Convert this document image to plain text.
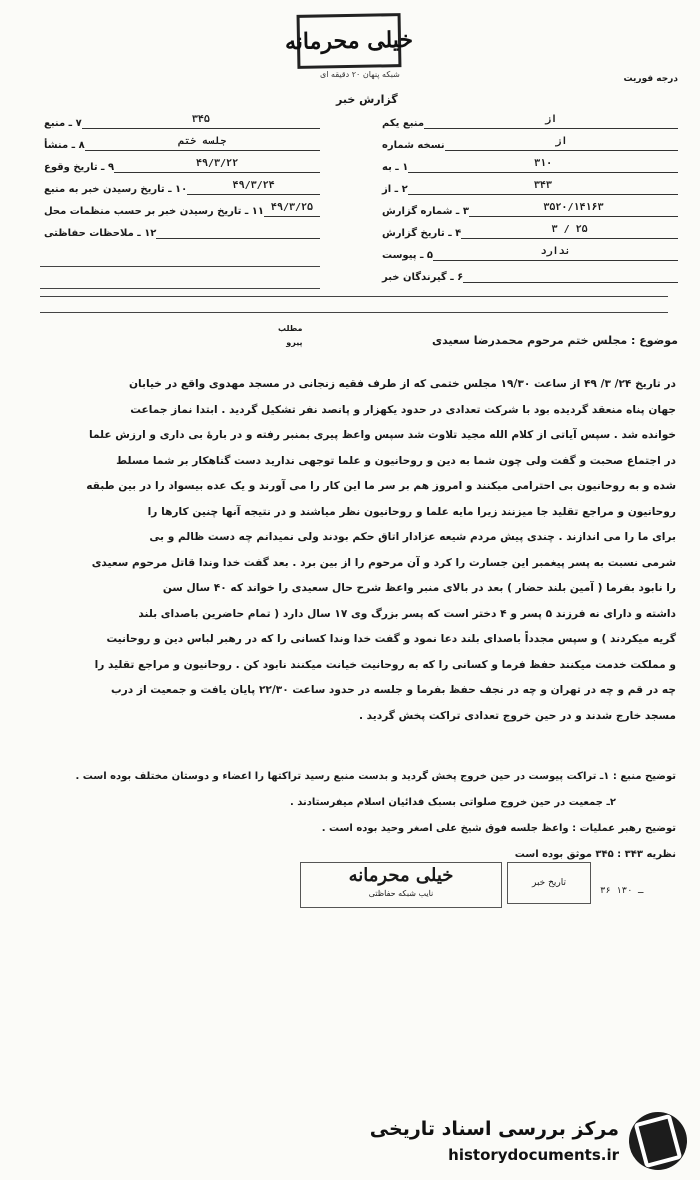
خیلی محرمانه
شبکه پنهان ۲۰ دقیقه ای
گزارش خبر
درجه فوریت
منبع یکم	از
نسخه شماره	از
۱ ـ به	۳۱۰
۲ ـ از	۳۴۳
۳ ـ شماره گزارش	۳۵۲۰/۱۴۱۶۳
۴ ـ تاریخ گزارش	۲۵ / ۳
۵ ـ پیوست	ندارد
۶ ـ گیرندگان خبر
۷ ـ منبع	۳۴۵
۸ ـ منشأ	جلسه ختم
۹ ـ تاریخ وقوع	۴۹/۳/۲۲
۱۰ ـ تاریخ رسیدن خبر به منبع	۴۹/۳/۲۴
۱۱ ـ تاریخ رسیدن خبر بر حسب منظمات محل ۴۹/۳/۲۵
۱۲ ـ ملاحظات حفاظتی
موضوع : مجلس ختم مرحوم محمدرضا سعیدی
مطلب
پیرو

در تاریخ ۲۴/ ۳/ ۴۹ از ساعت ۱۹/۳۰ مجلس ختمی که از طرف فقیه زنجانی در مسجد مهدوی واقع در خیابان

جهان پناه منعقد گردیده بود با شرکت تعدادی در حدود یکهزار و پانصد نفر تشکیل گردید . ابتدا نماز جماعت

خوانده شد . سپس آیاتی از کلام الله مجید تلاوت شد سپس واعظ پیری بمنبر رفته و در بارهٔ بی داری و ارزش علما

در اجتماع صحبت و گفت ولی چون شما به دین و روحانیون و علما توجهی ندارید دست گناهکار بر شما مسلط

شده و به روحانیون بی احترامی میکنند و امروز هم بر سر ما این کار را می آورند و یک عده بیسواد را در بین طبقه

روحانیون و مراجع تقلید جا میزنند زیرا مایه علما و روحانیون نظر میاشند و در نتیجه آنها چنین کارها را

برای ما را می اندازند . چندی پیش مردم شیعه عزادار اتاق حکم بودند ولی نمیدانم چه دست ظالم و بی

شرمی نسبت به پسر پیغمبر این جسارت را کرد و آن مرحوم را از بین برد . بعد گفت خدا وندا قاتل مرحوم سعیدی

را نابود بفرما ( آمین بلند حضار ) بعد در بالای منبر واعظ شرح حال سعیدی را خواند که ۴۰ سال سن

داشته و دارای نه فرزند ۵ پسر و ۴ دختر است که پسر بزرگ وی ۱۷ سال دارد ( تمام حاضرین باصدای بلند

گریه میکردند ) و سپس مجدداً باصدای بلند دعا نمود و گفت خدا وندا کسانی را که در رهبر لباس دین و روحانیت

و مملکت خدمت میکنند حفظ فرما و کسانی را که به روحانیت خیانت میکنند نابود کن . روحانیون و مراجع تقلید را

چه در قم و چه در تهران و چه در نجف حفظ بفرما و جلسه در حدود ساعت ۲۲/۳۰ پایان یافت و جمعیت از درب

مسجد خارج شدند و در حین خروج تعدادی تراکت پخش گردید .

توضیح منبع : ۱ـ تراکت پیوست در حین خروج پخش گردید و بدست منبع رسید تراکتها را اعضاء و دوستان مختلف بوده است .
۲ـ جمعیت در حین خروج صلواتی بسبک فدائیان اسلام میفرستادند .
توضیح رهبر عملیات : واعظ جلسه فوق شیخ علی اصغر وحید بوده است .
نظریه ۳۴۳ : ۳۴۵ موثق بوده است
خیلی محرمانه
نایب شبکه حفاظتی
تاریخ خبر
۳۶ ـ ۱۳۰
مرکز بررسی اسناد تاریخی
historydocuments.ir
